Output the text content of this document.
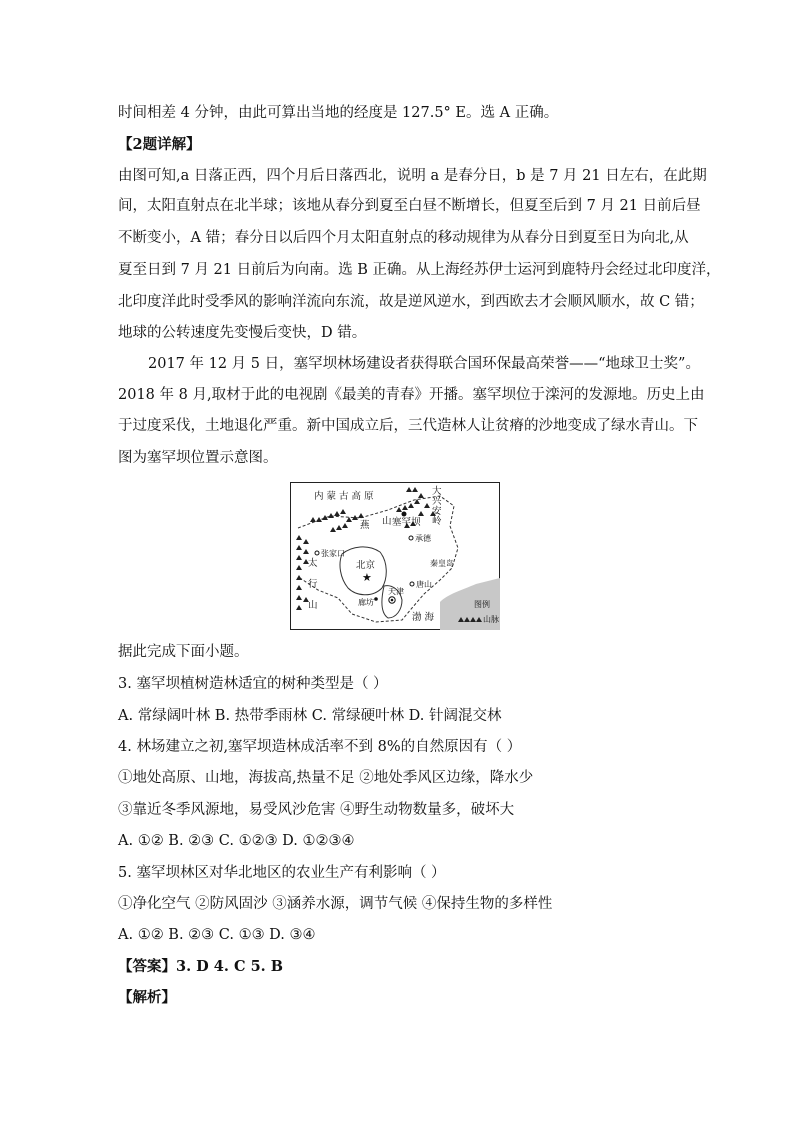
时间相差 4 分钟，由此可算出当地的经度是 127.5° E。选 A 正确。
【2题详解】
由图可知,a 日落正西，四个月后日落西北，说明 a 是春分日，b 是 7 月 21 日左右，在此期
间，太阳直射点在北半球；该地从春分到夏至白昼不断增长，但夏至后到 7 月 21 日前后昼
不断变小，A 错；春分日以后四个月太阳直射点的移动规律为从春分日到夏至日为向北,从
夏至日到 7 月 21 日前后为向南。选 B 正确。从上海经苏伊士运河到鹿特丹会经过北印度洋，
北印度洋此时受季风的影响洋流向东流，故是逆风逆水，到西欧去才会顺风顺水，故 C 错；
地球的公转速度先变慢后变快，D 错。
2017 年 12 月 5 日，塞罕坝林场建设者获得联合国环保最高荣誉——“地球卫士奖”。
2018 年 8 月,取材于此的电视剧《最美的青春》开播。塞罕坝位于滦河的发源地。历史上由
于过度采伐，土地退化严重。新中国成立后，三代造林人让贫瘠的沙地变成了绿水青山。下
图为塞罕坝位置示意图。
内 蒙 古 高 原
燕 山 塞罕坝
大
兴
安
岭
承德
张家口
太
行
山
北京
★
秦皇岛
唐山
廊坊
天津
渤 海
图例
山脉
据此完成下面小题。
3. 塞罕坝植树造林适宜的树种类型是（ ）
A. 常绿阔叶林 B. 热带季雨林 C. 常绿硬叶林 D. 针阔混交林
4. 林场建立之初,塞罕坝造林成活率不到 8%的自然原因有（ ）
①地处高原、山地，海拔高,热量不足 ②地处季风区边缘，降水少
③靠近冬季风源地，易受风沙危害 ④野生动物数量多，破坏大
A. ①② B. ②③ C. ①②③ D. ①②③④
5. 塞罕坝林区对华北地区的农业生产有利影响（ ）
①净化空气 ②防风固沙 ③涵养水源，调节气候 ④保持生物的多样性
A. ①② B. ②③ C. ①③ D. ③④
【答案】3. D 4. C 5. B
【解析】
